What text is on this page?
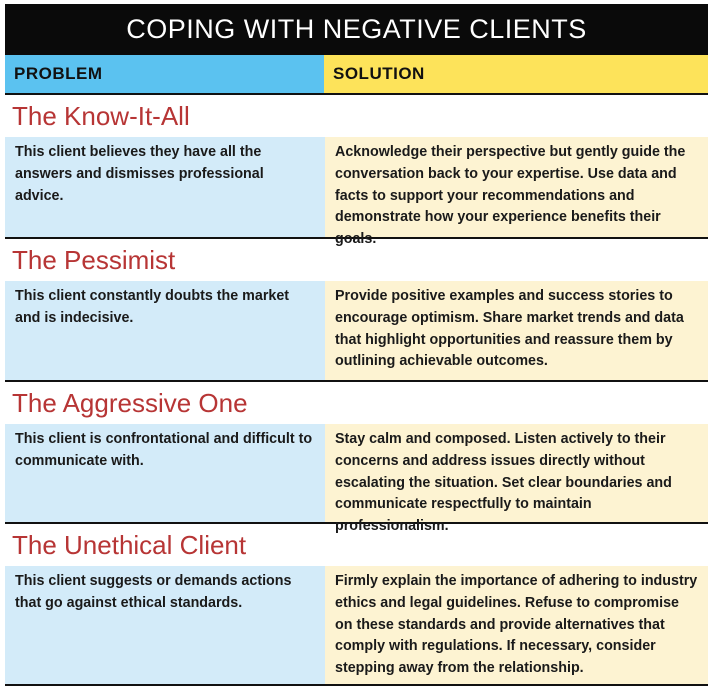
COPING WITH NEGATIVE CLIENTS
PROBLEM	SOLUTION
The Know-It-All
This client believes they have all the answers and dismisses professional advice.
Acknowledge their perspective but gently guide the conversation back to your expertise. Use data and facts to support your recommendations and demonstrate how your experience benefits their goals.
The Pessimist
This client constantly doubts the market and is indecisive.
Provide positive examples and success stories to encourage optimism. Share market trends and data that highlight opportunities and reassure them by outlining achievable outcomes.
The Aggressive One
This client is confrontational and difficult to communicate with.
Stay calm and composed. Listen actively to their concerns and address issues directly without escalating the situation. Set clear boundaries and communicate respectfully to maintain professionalism.
The Unethical Client
This client suggests or demands actions that go against ethical standards.
Firmly explain the importance of adhering to industry ethics and legal guidelines. Refuse to compromise on these standards and provide alternatives that comply with regulations. If necessary, consider stepping away from the relationship.
